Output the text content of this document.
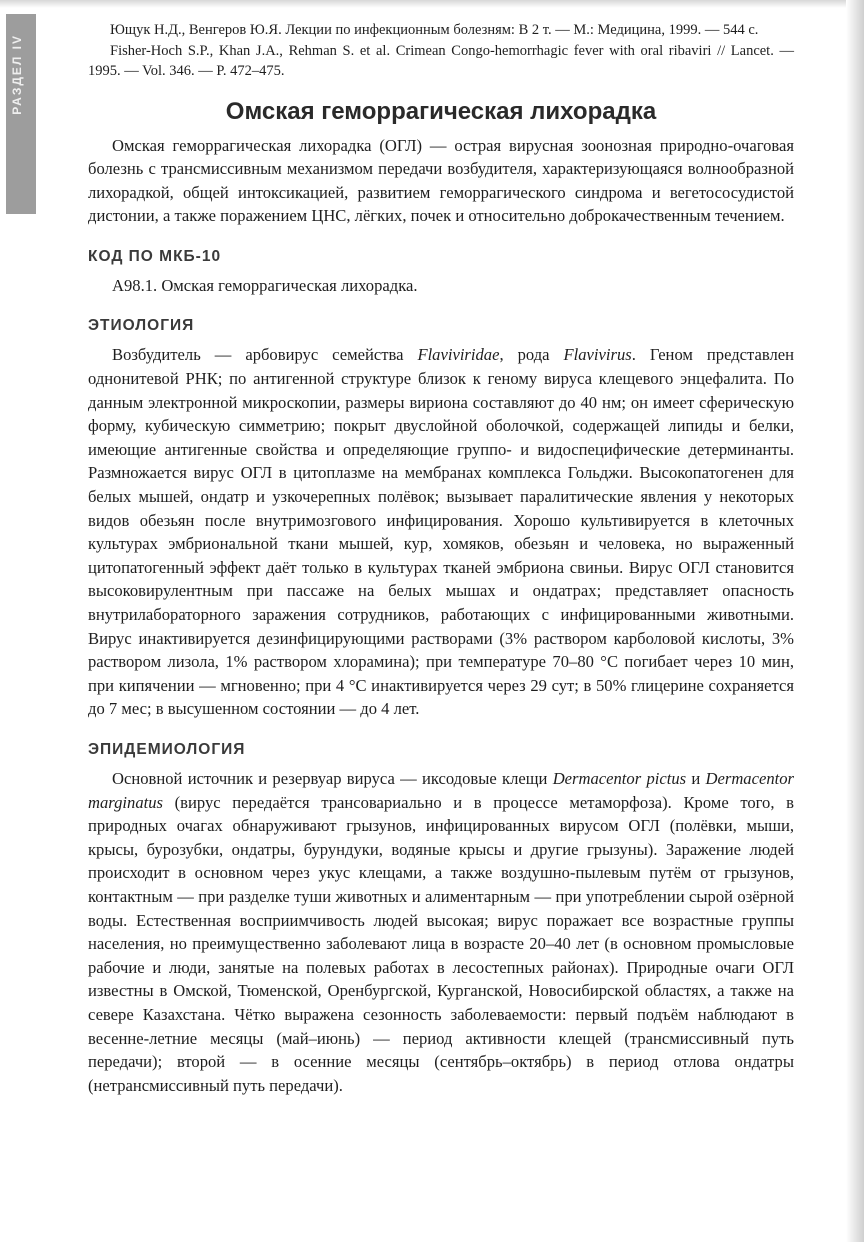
РАЗДЕЛ IV

Ющук Н.Д., Венгеров Ю.Я. Лекции по инфекционным болезням: В 2 т. — М.: Медицина, 1999. — 544 с.

Fisher-Hoch S.P., Khan J.A., Rehman S. et al. Crimean Congo-hemorrhagic fever with oral ribaviri // Lancet. — 1995. — Vol. 346. — P. 472–475.

Омская геморрагическая лихорадка

Омская геморрагическая лихорадка (ОГЛ) — острая вирусная зоонозная природно-очаговая болезнь с трансмиссивным механизмом передачи возбудителя, характеризующаяся волнообразной лихорадкой, общей интоксикацией, развитием геморрагического синдрома и вегетососудистой дистонии, а также поражением ЦНС, лёгких, почек и относительно доброкачественным течением.

КОД ПО МКБ-10

A98.1. Омская геморрагическая лихорадка.

ЭТИОЛОГИЯ

Возбудитель — арбовирус семейства Flaviviridae, рода Flavivirus. Геном представлен однонитевой РНК; по антигенной структуре близок к геному вируса клещевого энцефалита. По данным электронной микроскопии, размеры вириона составляют до 40 нм; он имеет сферическую форму, кубическую симметрию; покрыт двуслойной оболочкой, содержащей липиды и белки, имеющие антигенные свойства и определяющие группо- и видоспецифические детерминанты. Размножается вирус ОГЛ в цитоплазме на мембранах комплекса Гольджи. Высокопатогенен для белых мышей, ондатр и узкочерепных полёвок; вызывает паралитические явления у некоторых видов обезьян после внутримозгового инфицирования. Хорошо культивируется в клеточных культурах эмбриональной ткани мышей, кур, хомяков, обезьян и человека, но выраженный цитопатогенный эффект даёт только в культурах тканей эмбриона свиньи. Вирус ОГЛ становится высоковирулентным при пассаже на белых мышах и ондатрах; представляет опасность внутрилабораторного заражения сотрудников, работающих с инфицированными животными. Вирус инактивируется дезинфицирующими растворами (3% раствором карболовой кислоты, 3% раствором лизола, 1% раствором хлорамина); при температуре 70–80 °С погибает через 10 мин, при кипячении — мгновенно; при 4 °С инактивируется через 29 сут; в 50% глицерине сохраняется до 7 мес; в высушенном состоянии — до 4 лет.

ЭПИДЕМИОЛОГИЯ

Основной источник и резервуар вируса — иксодовые клещи Dermacentor pictus и Dermacentor marginatus (вирус передаётся трансовариально и в процессе метаморфоза). Кроме того, в природных очагах обнаруживают грызунов, инфицированных вирусом ОГЛ (полёвки, мыши, крысы, бурозубки, ондатры, бурундуки, водяные крысы и другие грызуны). Заражение людей происходит в основном через укус клещами, а также воздушно-пылевым путём от грызунов, контактным — при разделке туши животных и алиментарным — при употреблении сырой озёрной воды. Естественная восприимчивость людей высокая; вирус поражает все возрастные группы населения, но преимущественно заболевают лица в возрасте 20–40 лет (в основном промысловые рабочие и люди, занятые на полевых работах в лесостепных районах). Природные очаги ОГЛ известны в Омской, Тюменской, Оренбургской, Курганской, Новосибирской областях, а также на севере Казахстана. Чётко выражена сезонность заболеваемости: первый подъём наблюдают в весенне-летние месяцы (май–июнь) — период активности клещей (трансмиссивный путь передачи); второй — в осенние месяцы (сентябрь–октябрь) в период отлова ондатры (нетрансмиссивный путь передачи).
